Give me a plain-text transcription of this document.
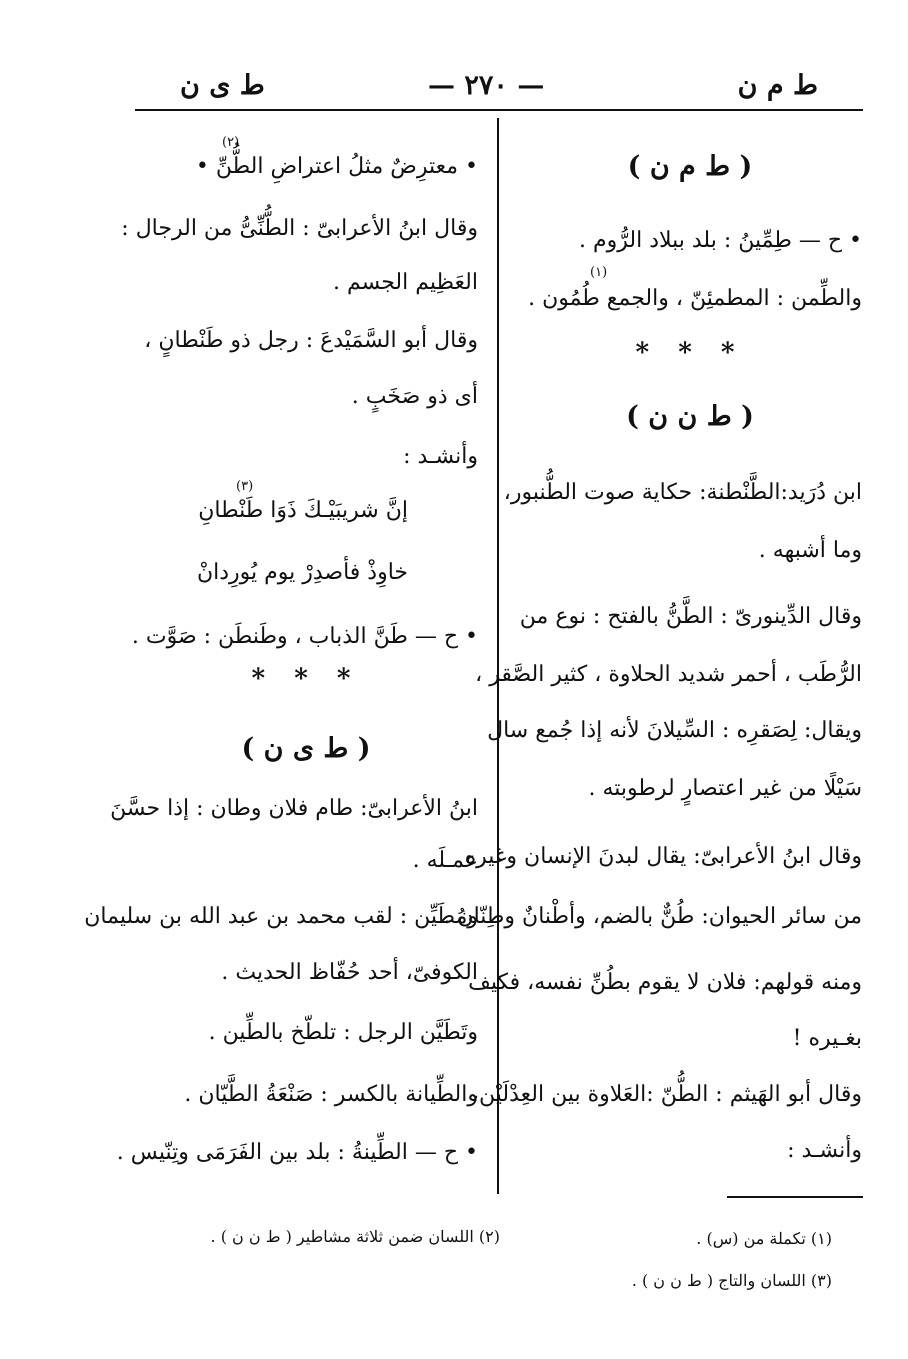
ط م ن
— ٢٧٠ —
ط ى ن
( ط م ن )
• ح — طِمِّينُ : بلد ببلاد الرُّوم .
والطِّمن : المطمئِنّ ، والجمع طُمُون .
(١)
* * *
( ط ن ن )
ابن دُرَيد:الطَّنْطنة: حكاية صوت الطُّنبور،
وما أشبهه .
وقال الدِّينورىّ : الطَّنُّ بالفتح : نوع من
الرُّطَب ، أحمر شديد الحلاوة ، كثير الصَّقر ،
ويقال: لِصَقرِه : السِّيلانَ لأنه إذا جُمع سال
سَيْلًا من غير اعتصارٍ لرطوبته .
وقال ابنُ الأعرابىّ: يقال لبدنَ الإنسان وغيره
من سائر الحيوان: طُنٌّ بالضم، وأطْنانٌ وطِنّان .
ومنه قولهم: فلان لا يقوم بطُنِّ نفسه، فكيف
بغـيره !
وقال أبو الهَيثم : الطُّنّ :العَلاوة بين العِدْلَيْن،
وأنشـد :
• معترِضٌ مثلُ اعتراضِ الطُّنِّ •
(٢)
وقال ابنُ الأعرابىّ : الطُّنِّىُّ من الرجال :
العَظِيم الجسم .
وقال أبو السَّمَيْدعَ : رجل ذو طَنْطانٍ ،
أى ذو صَخَبٍ .
وأنشـد :
(٣)
إنَّ شريبَيْـكَ ذَوَا طَنْطانِ
خاوِذْ فأصدِرْ يوم يُورِدانْ
• ح — طَنَّ الذباب ، وطَنطَن : صَوَّت .
* * *
( ط ى ن )
ابنُ الأعرابىّ: طام فلان وطان : إذا حسَّنَ
عمـلَه .
ومُطَيِّن : لقب محمد بن عبد الله بن سليمان
الكوفىّ، أحد حُفّاظ الحديث .
وتَطَيَّن الرجل : تلطّخ بالطِّين .
والطِّيانة بالكسر : صَنْعَةُ الطَّيّان .
• ح — الطِّينةُ : بلد بين الفَرَمَى وتِنّيس .
(٢) اللسان ضمن ثلاثة مشاطير ( ط ن ن ) .	(١) تكملة من (س) .
(٣) اللسان والتاج ( ط ن ن ) .
